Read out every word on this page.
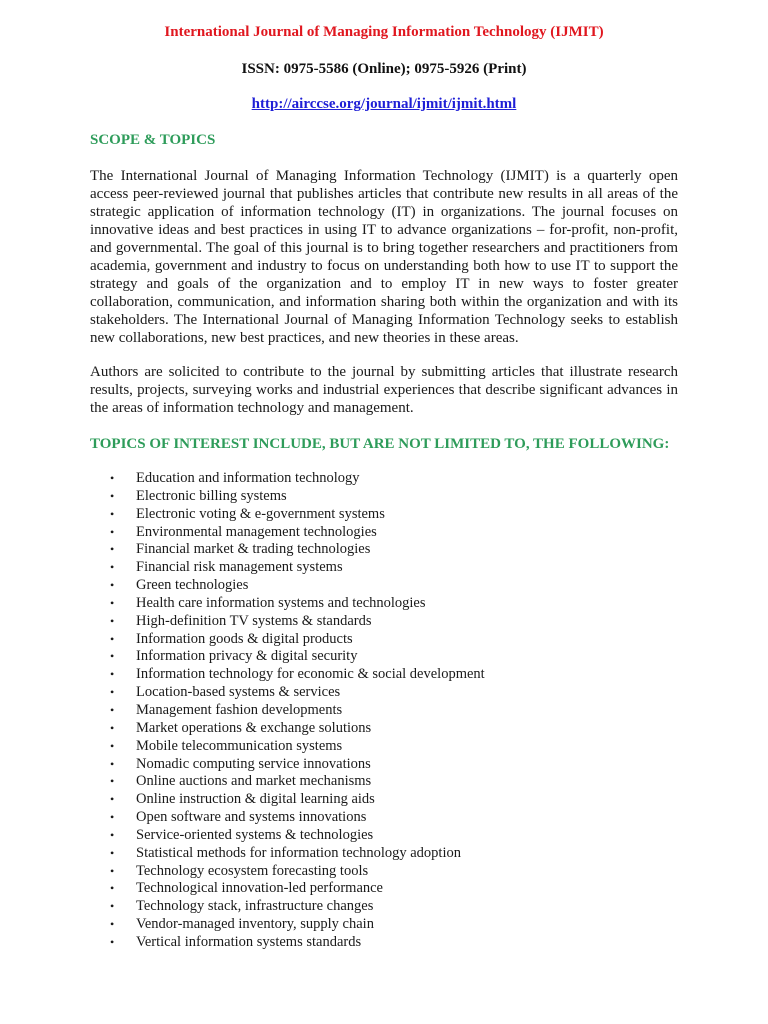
International Journal of Managing Information Technology (IJMIT)

ISSN: 0975-5586 (Online); 0975-5926 (Print)

http://airccse.org/journal/ijmit/ijmit.html

SCOPE & TOPICS

The International Journal of Managing Information Technology (IJMIT) is a quarterly open access peer-reviewed journal that publishes articles that contribute new results in all areas of the strategic application of information technology (IT) in organizations. The journal focuses on innovative ideas and best practices in using IT to advance organizations – for-profit, non-profit, and governmental. The goal of this journal is to bring together researchers and practitioners from academia, government and industry to focus on understanding both how to use IT to support the strategy and goals of the organization and to employ IT in new ways to foster greater collaboration, communication, and information sharing both within the organization and with its stakeholders. The International Journal of Managing Information Technology seeks to establish new collaborations, new best practices, and new theories in these areas.

Authors are solicited to contribute to the journal by submitting articles that illustrate research results, projects, surveying works and industrial experiences that describe significant advances in the areas of information technology and management.

TOPICS OF INTEREST INCLUDE, BUT ARE NOT LIMITED TO, THE FOLLOWING:
• Education and information technology
• Electronic billing systems
• Electronic voting & e-government systems
• Environmental management technologies
• Financial market & trading technologies
• Financial risk management systems
• Green technologies
• Health care information systems and technologies
• High-definition TV systems & standards
• Information goods & digital products
• Information privacy & digital security
• Information technology for economic & social development
• Location-based systems & services
• Management fashion developments
• Market operations & exchange solutions
• Mobile telecommunication systems
• Nomadic computing service innovations
• Online auctions and market mechanisms
• Online instruction & digital learning aids
• Open software and systems innovations
• Service-oriented systems & technologies
• Statistical methods for information technology adoption
• Technology ecosystem forecasting tools
• Technological innovation-led performance
• Technology stack, infrastructure changes
• Vendor-managed inventory, supply chain
• Vertical information systems standards
